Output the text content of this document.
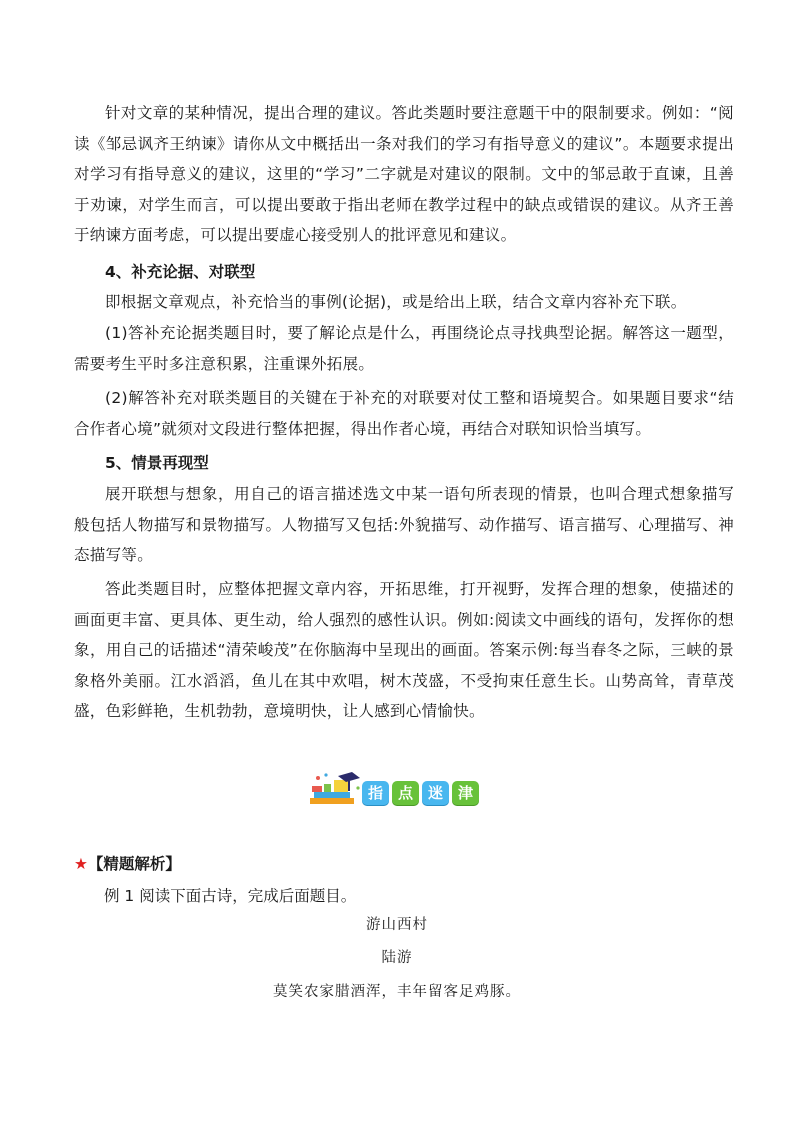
针对文章的某种情况，提出合理的建议。答此类题时要注意题干中的限制要求。例如：“阅读《邹忌讽齐王纳谏》请你从文中概括出一条对我们的学习有指导意义的建议”。本题要求提出对学习有指导意义的建议，这里的“学习”二字就是对建议的限制。文中的邹忌敢于直谏，且善于劝谏，对学生而言，可以提出要敢于指出老师在教学过程中的缺点或错误的建议。从齐王善于纳谏方面考虑，可以提出要虚心接受别人的批评意见和建议。

4、补充论据、对联型

即根据文章观点，补充恰当的事例(论据)，或是给出上联，结合文章内容补充下联。

(1)答补充论据类题目时，要了解论点是什么，再围绕论点寻找典型论据。解答这一题型，需要考生平时多注意积累，注重课外拓展。

(2)解答补充对联类题目的关键在于补充的对联要对仗工整和语境契合。如果题目要求“结合作者心境”就须对文段进行整体把握，得出作者心境，再结合对联知识恰当填写。

5、情景再现型

展开联想与想象，用自己的语言描述选文中某一语句所表现的情景，也叫合理式想象描写般包括人物描写和景物描写。人物描写又包括:外貌描写、动作描写、语言描写、心理描写、神态描写等。

答此类题目时，应整体把握文章内容，开拓思维，打开视野，发挥合理的想象，使描述的画面更丰富、更具体、更生动，给人强烈的感性认识。例如:阅读文中画线的语句，发挥你的想象，用自己的话描述“清荣峻茂”在你脑海中呈现出的画面。答案示例:每当春冬之际，三峡的景象格外美丽。江水滔滔，鱼儿在其中欢唱，树木茂盛，不受拘束任意生长。山势高耸，青草茂盛，色彩鲜艳，生机勃勃，意境明快，让人感到心情愉快。

指 点 迷 津

★【精题解析】

例 1 阅读下面古诗，完成后面题目。

游山西村

陆游

莫笑农家腊酒浑，丰年留客足鸡豚。
